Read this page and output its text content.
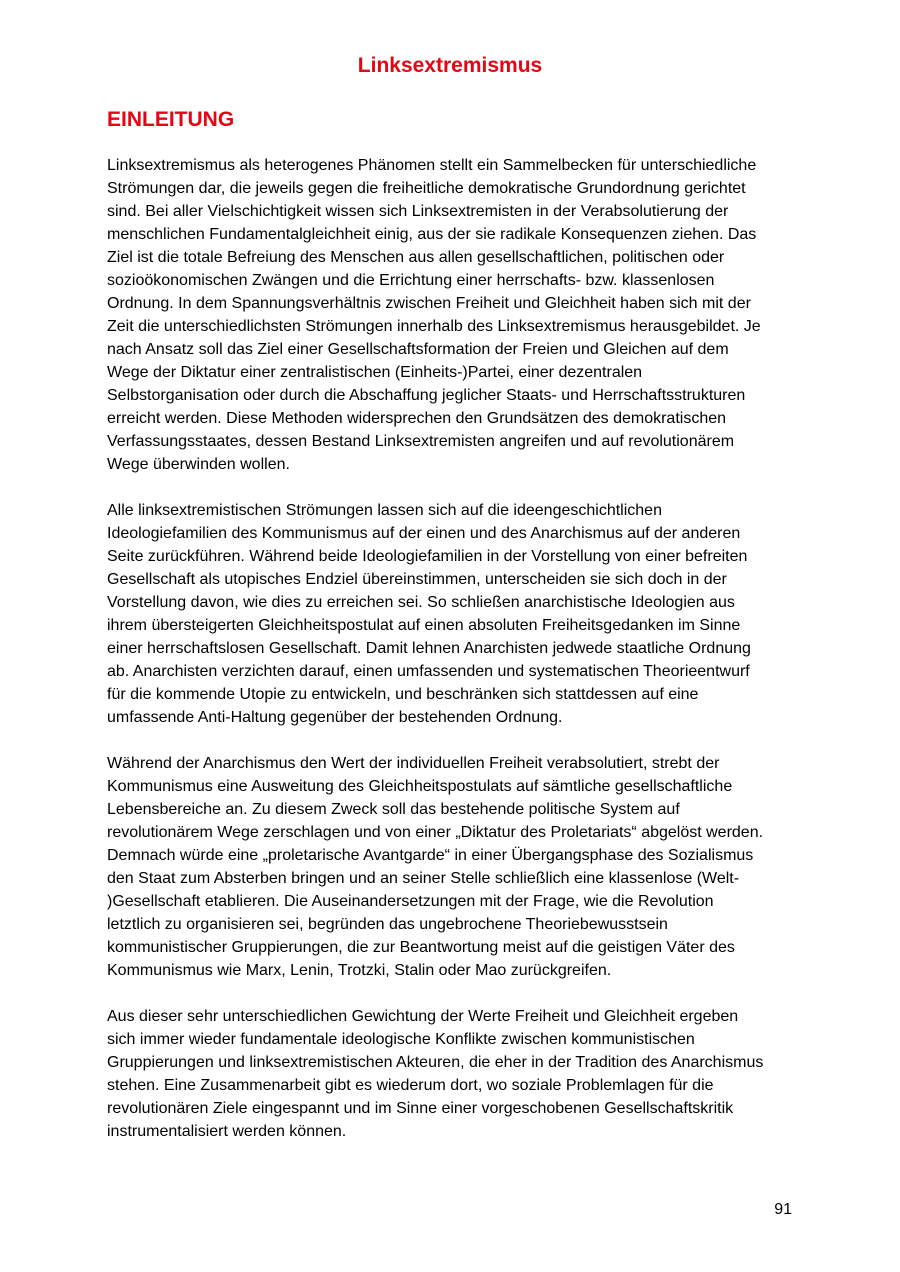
Linksextremismus
EINLEITUNG

Linksextremismus als heterogenes Phänomen stellt ein Sammelbecken für unterschiedliche
Strömungen dar, die jeweils gegen die freiheitliche demokratische Grundordnung gerichtet
sind. Bei aller Vielschichtigkeit wissen sich Linksextremisten in der Verabsolutierung der
menschlichen Fundamentalgleichheit einig, aus der sie radikale Konsequenzen ziehen. Das
Ziel ist die totale Befreiung des Menschen aus allen gesellschaftlichen, politischen oder
sozioökonomischen Zwängen und die Errichtung einer herrschafts- bzw. klassenlosen
Ordnung. In dem Spannungsverhältnis zwischen Freiheit und Gleichheit haben sich mit der
Zeit die unterschiedlichsten Strömungen innerhalb des Linksextremismus herausgebildet. Je
nach Ansatz soll das Ziel einer Gesellschaftsformation der Freien und Gleichen auf dem
Wege der Diktatur einer zentralistischen (Einheits-)Partei, einer dezentralen
Selbstorganisation oder durch die Abschaffung jeglicher Staats- und Herrschaftsstrukturen
erreicht werden. Diese Methoden widersprechen den Grundsätzen des demokratischen
Verfassungsstaates, dessen Bestand Linksextremisten angreifen und auf revolutionärem
Wege überwinden wollen.

Alle linksextremistischen Strömungen lassen sich auf die ideengeschichtlichen
Ideologiefamilien des Kommunismus auf der einen und des Anarchismus auf der anderen
Seite zurückführen. Während beide Ideologiefamilien in der Vorstellung von einer befreiten
Gesellschaft als utopisches Endziel übereinstimmen, unterscheiden sie sich doch in der
Vorstellung davon, wie dies zu erreichen sei. So schließen anarchistische Ideologien aus
ihrem übersteigerten Gleichheitspostulat auf einen absoluten Freiheitsgedanken im Sinne
einer herrschaftslosen Gesellschaft. Damit lehnen Anarchisten jedwede staatliche Ordnung
ab. Anarchisten verzichten darauf, einen umfassenden und systematischen Theorieentwurf
für die kommende Utopie zu entwickeln, und beschränken sich stattdessen auf eine
umfassende Anti-Haltung gegenüber der bestehenden Ordnung.

Während der Anarchismus den Wert der individuellen Freiheit verabsolutiert, strebt der
Kommunismus eine Ausweitung des Gleichheitspostulats auf sämtliche gesellschaftliche
Lebensbereiche an. Zu diesem Zweck soll das bestehende politische System auf
revolutionärem Wege zerschlagen und von einer „Diktatur des Proletariats“ abgelöst werden.
Demnach würde eine „proletarische Avantgarde“ in einer Übergangsphase des Sozialismus
den Staat zum Absterben bringen und an seiner Stelle schließlich eine klassenlose (Welt-
)Gesellschaft etablieren. Die Auseinandersetzungen mit der Frage, wie die Revolution
letztlich zu organisieren sei, begründen das ungebrochene Theoriebewusstsein
kommunistischer Gruppierungen, die zur Beantwortung meist auf die geistigen Väter des
Kommunismus wie Marx, Lenin, Trotzki, Stalin oder Mao zurückgreifen.

Aus dieser sehr unterschiedlichen Gewichtung der Werte Freiheit und Gleichheit ergeben
sich immer wieder fundamentale ideologische Konflikte zwischen kommunistischen
Gruppierungen und linksextremistischen Akteuren, die eher in der Tradition des Anarchismus
stehen. Eine Zusammenarbeit gibt es wiederum dort, wo soziale Problemlagen für die
revolutionären Ziele eingespannt und im Sinne einer vorgeschobenen Gesellschaftskritik
instrumentalisiert werden können.

91
